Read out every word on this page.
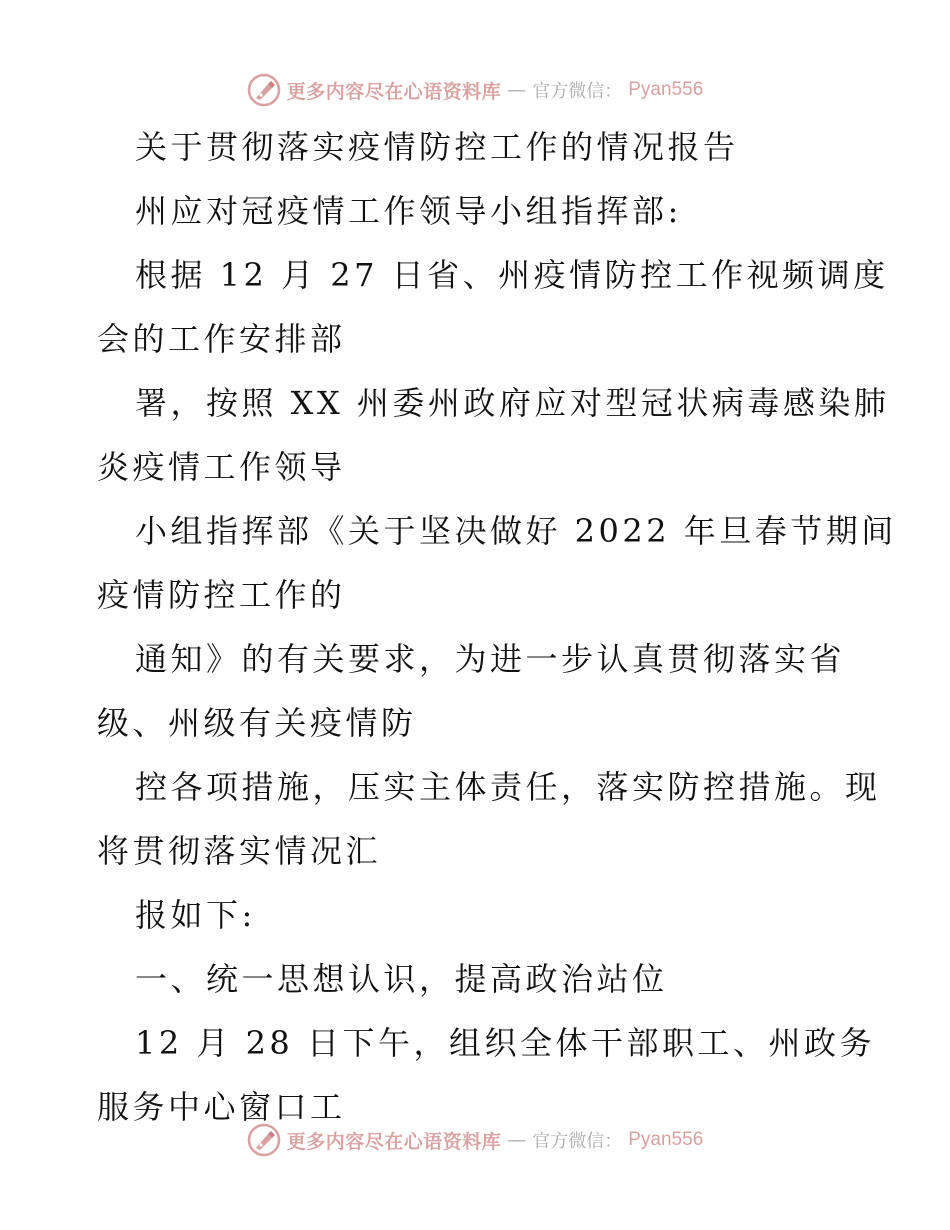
更多内容尽在心语资料库 — 官方微信： Pyan556
关于贯彻落实疫情防控工作的情况报告
州应对冠疫情工作领导小组指挥部:
根据 12 月 27 日省、州疫情防控工作视频调度
会的工作安排部
署，按照 XX 州委州政府应对型冠状病毒感染肺
炎疫情工作领导
小组指挥部《关于坚决做好 2022 年旦春节期间
疫情防控工作的
通知》的有关要求，为进一步认真贯彻落实省
级、州级有关疫情防
控各项措施，压实主体责任，落实防控措施。现
将贯彻落实情况汇
报如下:
一、统一思想认识，提高政治站位
12 月 28 日下午，组织全体干部职工、州政务
服务中心窗口工
更多内容尽在心语资料库 — 官方微信： Pyan556
